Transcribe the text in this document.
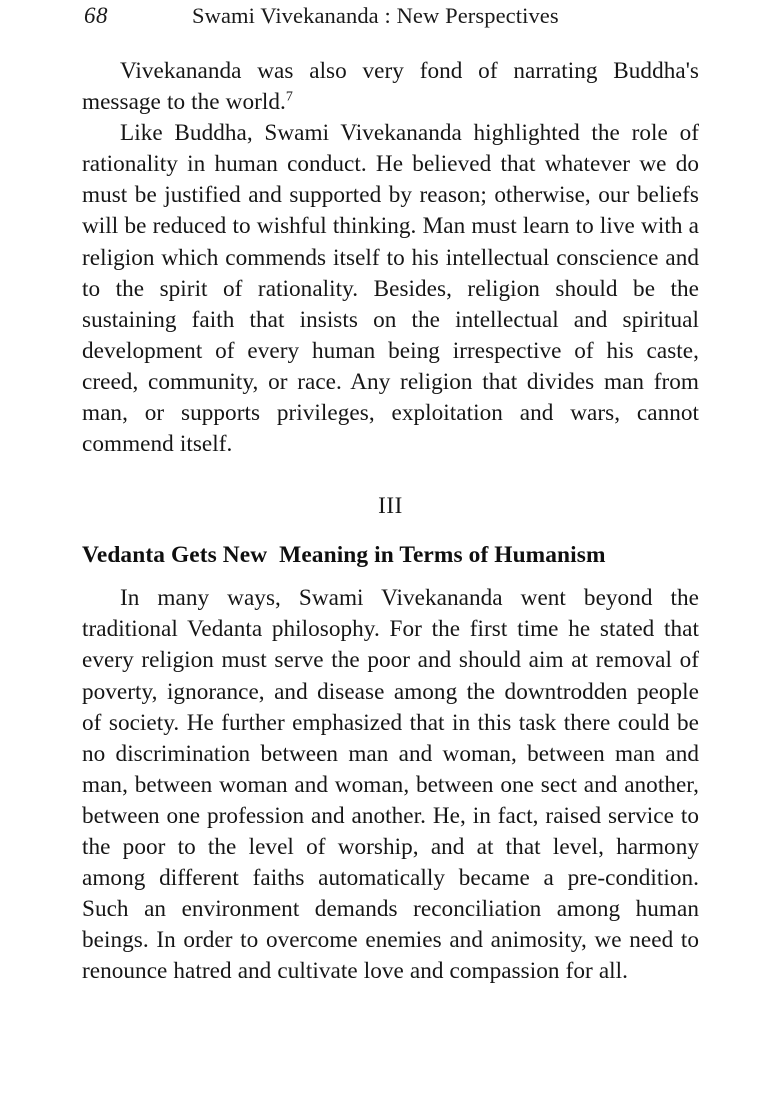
68	Swami Vivekananda : New Perspectives

Vivekananda was also very fond of narrating Buddha's message to the world.$^7$

Like Buddha, Swami Vivekananda highlighted the role of rationality in human conduct. He believed that whatever we do must be justified and supported by reason; otherwise, our beliefs will be reduced to wishful thinking. Man must learn to live with a religion which commends itself to his intellectual conscience and to the spirit of rationality. Besides, religion should be the sustaining faith that insists on the intellectual and spiritual development of every human being irrespective of his caste, creed, community, or race. Any religion that divides man from man, or supports privileges, exploitation and wars, cannot commend itself.

III

Vedanta Gets New  Meaning in Terms of Humanism

In many ways, Swami Vivekananda went beyond the traditional Vedanta philosophy. For the first time he stated that every religion must serve the poor and should aim at removal of poverty, ignorance, and disease among the downtrodden people of society. He further emphasized that in this task there could be no discrimination between man and woman, between man and man, between woman and woman, between one sect and another, between one profession and another. He, in fact, raised service to the poor to the level of worship, and at that level, harmony among different faiths automatically became a pre-condition. Such an environment demands reconciliation among human beings. In order to overcome enemies and animosity, we need to renounce hatred and cultivate love and compassion for all.
